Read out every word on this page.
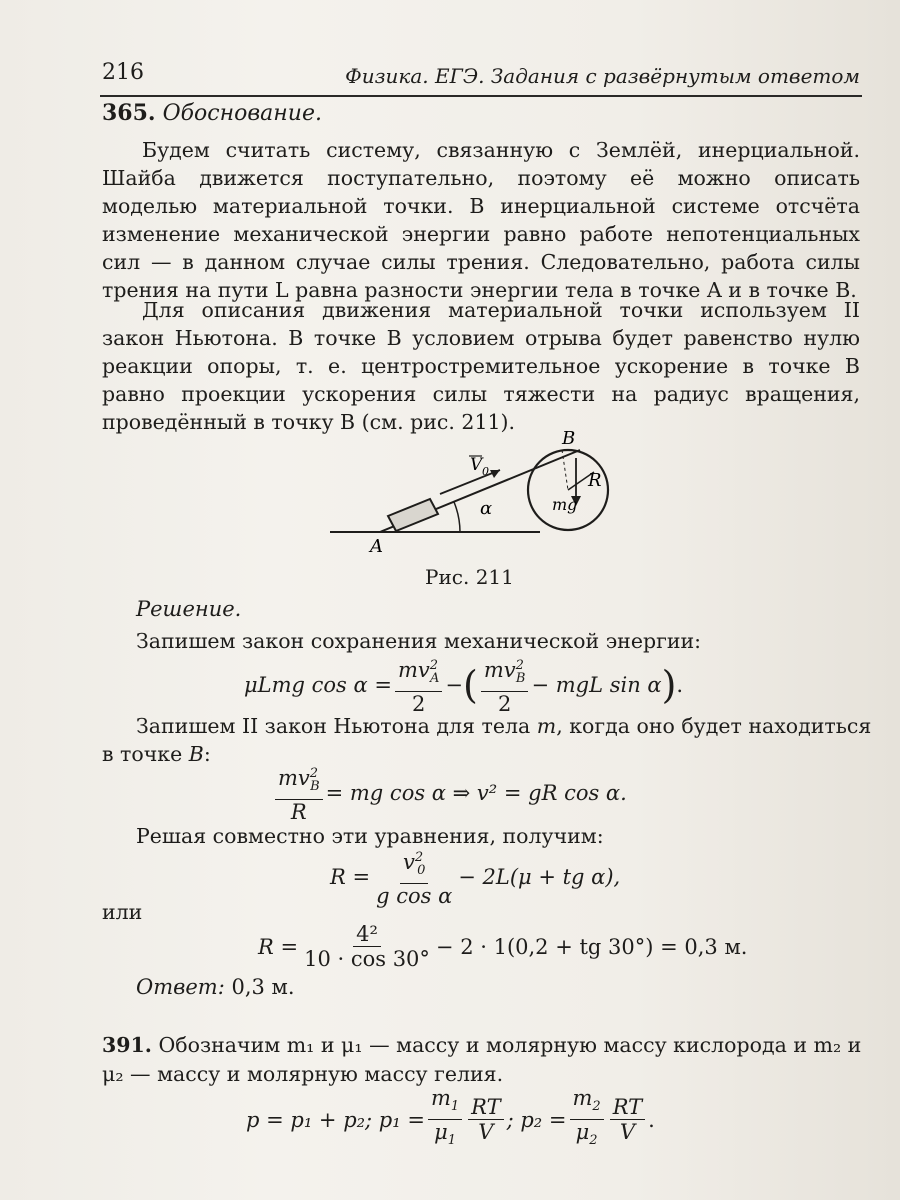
216	Физика. ЕГЭ. Задания с развёрнутым ответом
365. Обоснование.

Будем считать систему, связанную с Землёй, инерциальной. Шайба движется поступательно, поэтому её можно описать моделью материальной точки. В инерциальной системе отсчёта изменение механической энергии равно работе непотенциальных сил — в данном случае силы трения. Следовательно, работа силы трения на пути L равна разности энергии тела в точке A и в точке B.

Для описания движения материальной точки используем II закон Ньютона. В точке B условием отрыва будет равенство нулю реакции опоры, т. е. центростремительное ускорение в точке B равно проекции ускорения силы тяжести на радиус вращения, проведённый в точку B (см. рис. 211).

A
B
V 0
α
R
mg
Рис. 211
Решение.
Запишем закон сохранения механической энергии:
μLmg $\cos \alpha = \frac{mv^2_A}{2}$ − ( $\frac{mv^2_B}{2}$ − mgL sin α ) .
Запишем II закон Ньютона для тела m, когда оно будет находиться
в точке B:
$\frac{mv^2_B}{R}$ = mg cos α ⇒ v² = gR cos α.
Решая совместно эти уравнения, получим:
$R = \frac{v^2_0}{\text{g cos α}} - 2L(\mu$ + tg α),
или
$R = \frac{\text{4²}}{10 \cdot \cos 30^\circ} - 2 \cdot 1(0,2$ + tg 30°) = 0,3 м.
Ответ: 0,3 м.
391. Обозначим m₁ и μ₁ — массу и молярную массу кислорода и m₂ и
μ₂ — массу и молярную массу гелия.
p = p₁ + p₂; $p_1 = \frac{m_1}{\mu_1} \frac{RT}{V}$ ; $p_2 = \frac{m_2}{\mu_2} \frac{RT}{V}$ .
